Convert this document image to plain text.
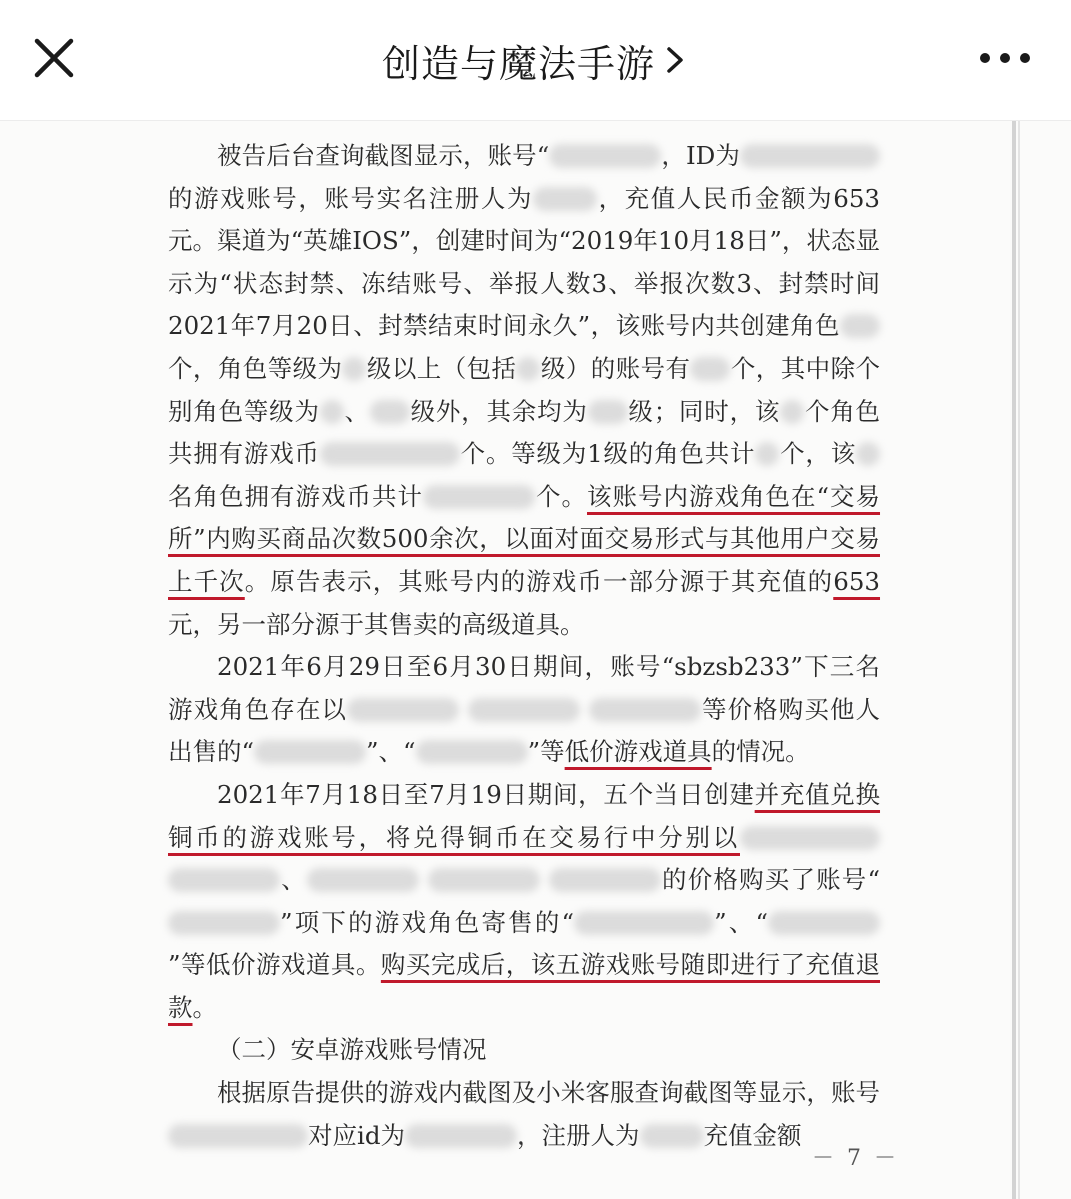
创造与魔法手游

被告后台查询截图显示，账号“	，ID为的游戏账号，账号实名注册人为	，充值人民币金额为653元。渠道为“英雄IOS”，创建时间为“2019年10月18日”，状态显示为“状态封禁、冻结账号、举报人数3、举报次数3、封禁时间2021年7月20日、封禁结束时间永久”，该账号内共创建角色个，角色等级为 级以上（包括 级）的账号有 个，其中除个别角色等级为 、 级外，其余均为 级；同时，该 个角色共拥有游戏币	个。等级为1级的角色共计 个，该名角色拥有游戏币共计	个。该账号内游戏角色在“交易所”内购买商品次数500余次，以面对面交易形式与其他用户交易上千次。原告表示，其账号内的游戏币一部分源于其充值的653元，另一部分源于其售卖的高级道具。

2021年6月29日至6月30日期间，账号“sbzsb233”下三名游戏角色存在以	等价格购买他人出售的“	”、“	”等低价游戏道具的情况。

2021年7月18日至7月19日期间，五个当日创建并充值兑换铜币的游戏账号，将兑得铜币在交易行中分别以、	的价格购买了账号“”项下的游戏角色寄售的“	”、“”等低价游戏道具。购买完成后，该五游戏账号随即进行了充值退款。

（二）安卓游戏账号情况

根据原告提供的游戏内截图及小米客服查询截图等显示，账号对应id为	，注册人为	充值金额

－ 7 －
